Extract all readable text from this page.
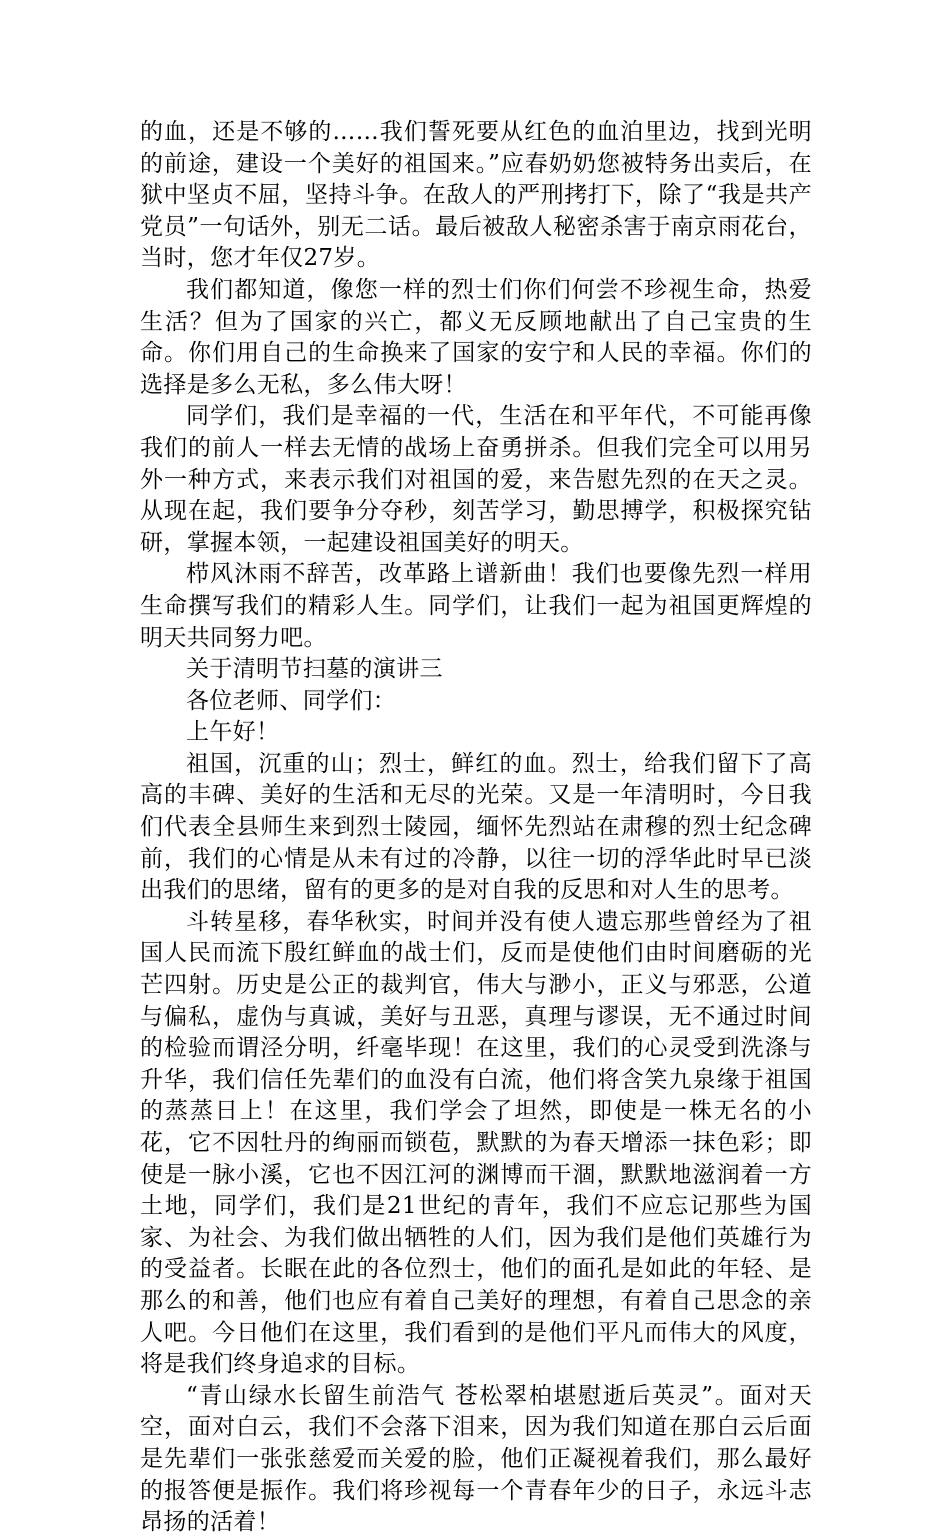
的血，还是不够的……我们誓死要从红色的血泊里边，找到光明的前途，建设一个美好的祖国来。”应春奶奶您被特务出卖后，在狱中坚贞不屈，坚持斗争。在敌人的严刑拷打下，除了“我是共产党员”一句话外，别无二话。最后被敌人秘密杀害于南京雨花台，当时，您才年仅27岁。

我们都知道，像您一样的烈士们你们何尝不珍视生命，热爱生活？但为了国家的兴亡，都义无反顾地献出了自己宝贵的生命。你们用自己的生命换来了国家的安宁和人民的幸福。你们的选择是多么无私，多么伟大呀！

同学们，我们是幸福的一代，生活在和平年代，不可能再像我们的前人一样去无情的战场上奋勇拼杀。但我们完全可以用另外一种方式，来表示我们对祖国的爱，来告慰先烈的在天之灵。从现在起，我们要争分夺秒，刻苦学习，勤思搏学，积极探究钻研，掌握本领，一起建设祖国美好的明天。

栉风沐雨不辞苦，改革路上谱新曲！我们也要像先烈一样用生命撰写我们的精彩人生。同学们，让我们一起为祖国更辉煌的明天共同努力吧。

关于清明节扫墓的演讲三

各位老师、同学们：

上午好！

祖国，沉重的山；烈士，鲜红的血。烈士，给我们留下了高高的丰碑、美好的生活和无尽的光荣。又是一年清明时，今日我们代表全县师生来到烈士陵园，缅怀先烈站在肃穆的烈士纪念碑前，我们的心情是从未有过的冷静，以往一切的浮华此时早已淡出我们的思绪，留有的更多的是对自我的反思和对人生的思考。

斗转星移，春华秋实，时间并没有使人遗忘那些曾经为了祖国人民而流下殷红鲜血的战士们，反而是使他们由时间磨砺的光芒四射。历史是公正的裁判官，伟大与渺小，正义与邪恶，公道与偏私，虚伪与真诚，美好与丑恶，真理与谬误，无不通过时间的检验而谓泾分明，纤毫毕现！在这里，我们的心灵受到洗涤与升华，我们信任先辈们的血没有白流，他们将含笑九泉缘于祖国的蒸蒸日上！在这里，我们学会了坦然，即使是一株无名的小花，它不因牡丹的绚丽而锁苞，默默的为春天增添一抹色彩；即使是一脉小溪，它也不因江河的渊博而干涸，默默地滋润着一方土地，同学们，我们是21世纪的青年，我们不应忘记那些为国家、为社会、为我们做出牺牲的人们，因为我们是他们英雄行为的受益者。长眠在此的各位烈士，他们的面孔是如此的年轻、是那么的和善，他们也应有着自己美好的理想，有着自己思念的亲人吧。今日他们在这里，我们看到的是他们平凡而伟大的风度，将是我们终身追求的目标。

“青山绿水长留生前浩气 苍松翠柏堪慰逝后英灵”。面对天空，面对白云，我们不会落下泪来，因为我们知道在那白云后面是先辈们一张张慈爱而关爱的脸，他们正凝视着我们，那么最好的报答便是振作。我们将珍视每一个青春年少的日子，永远斗志昂扬的活着！
